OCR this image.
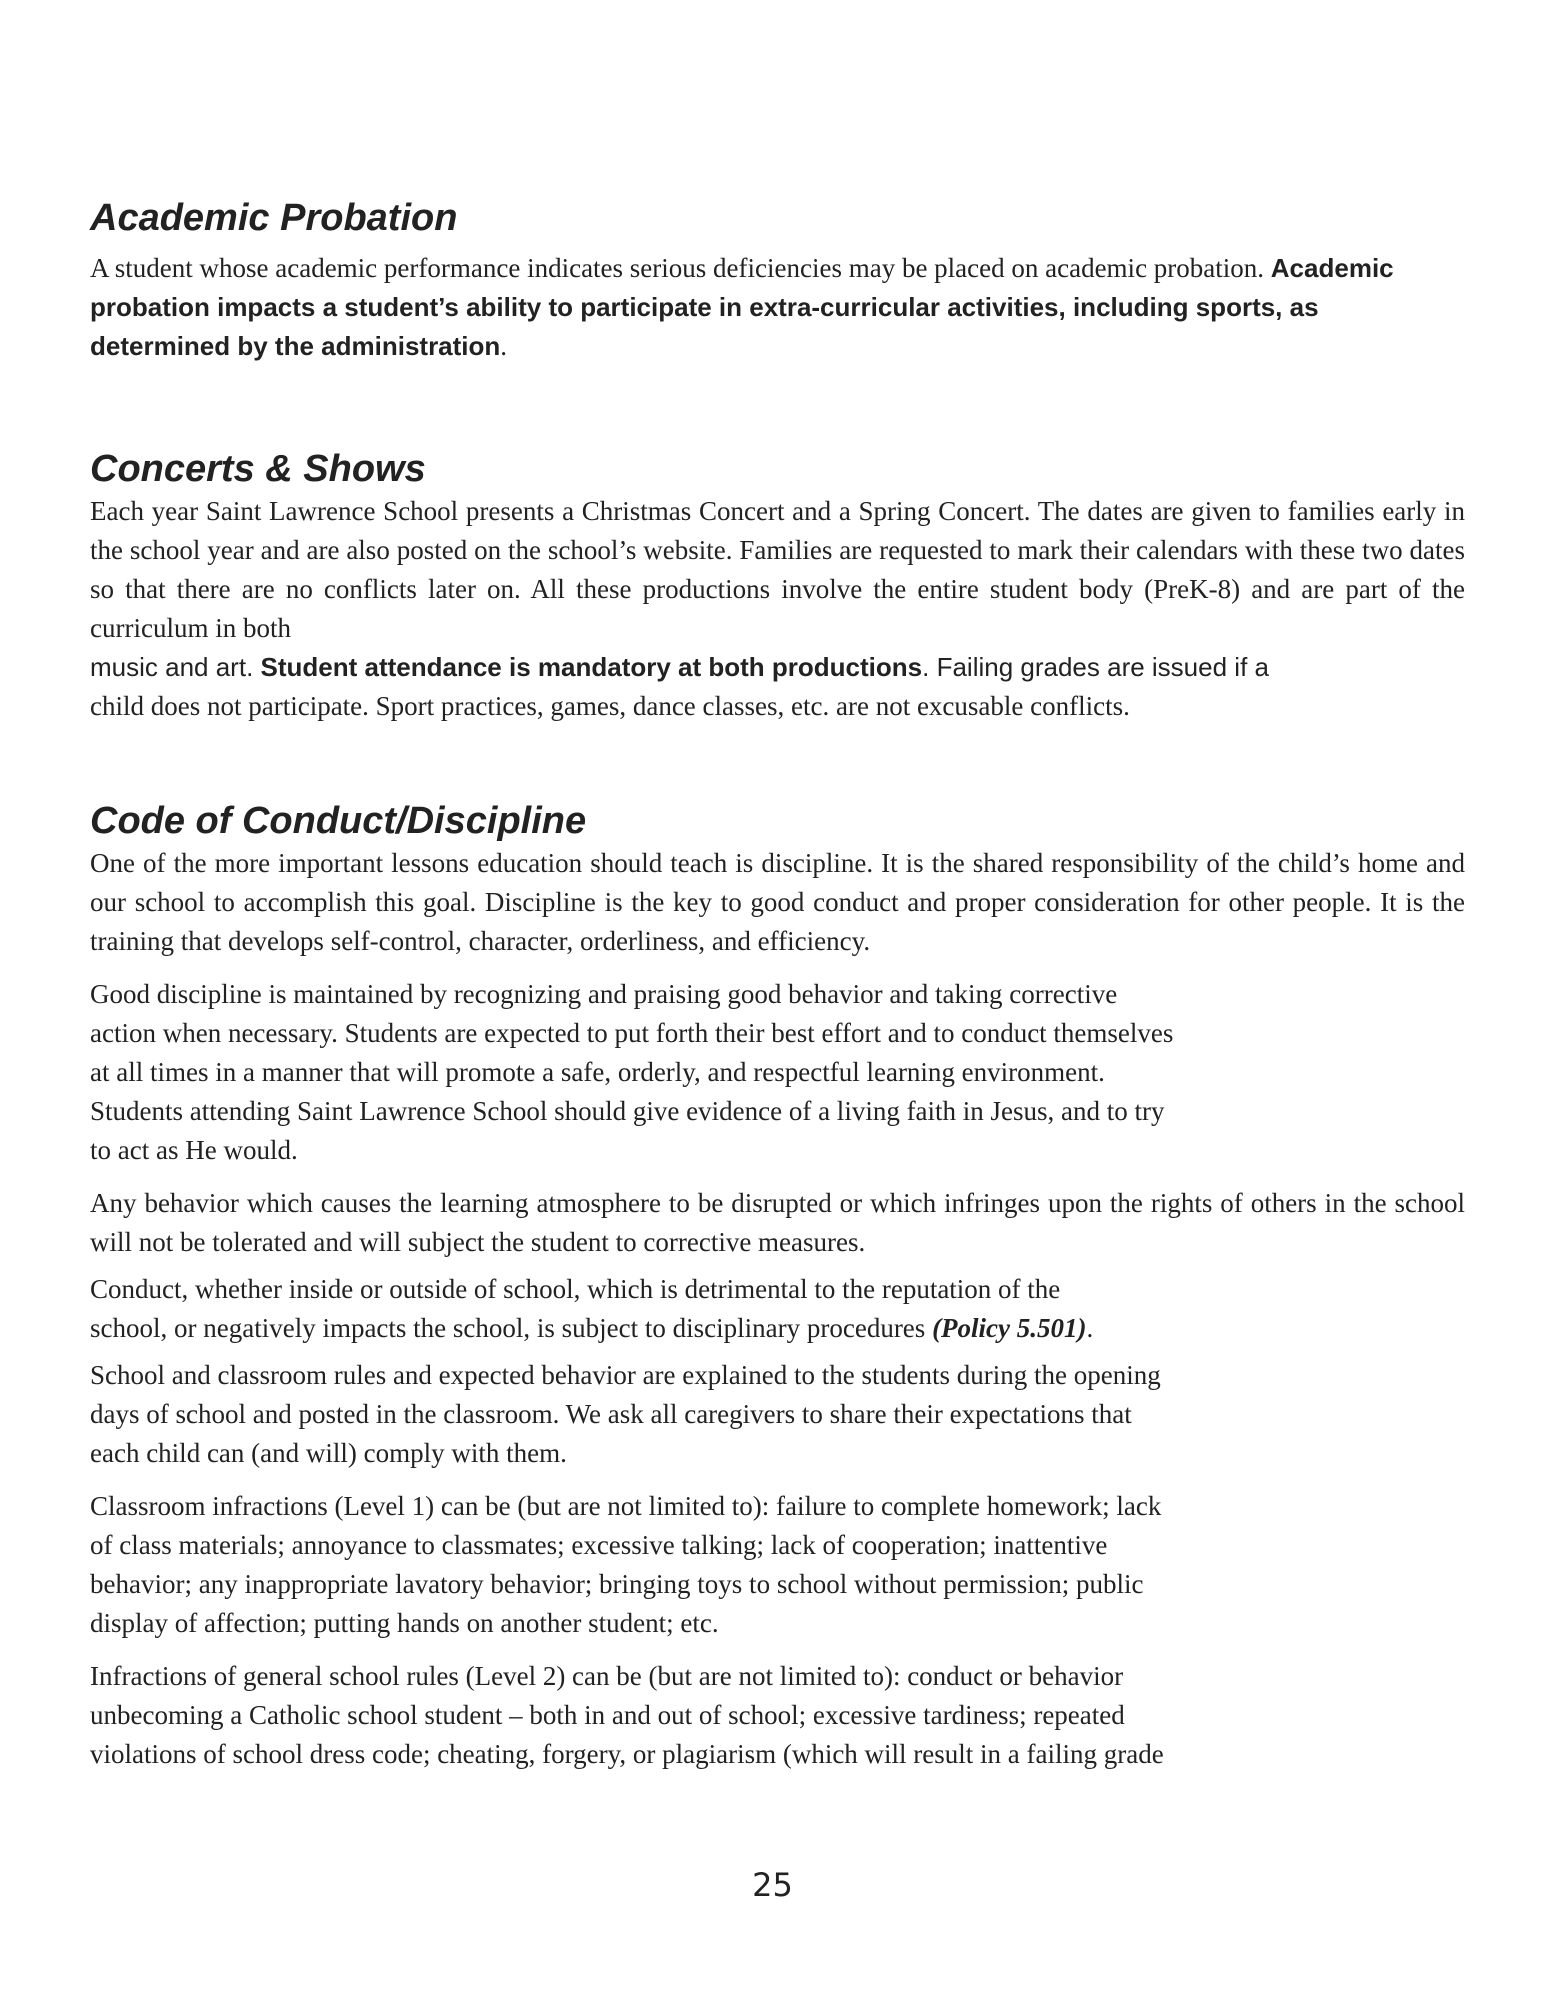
Academic Probation

A student whose academic performance indicates serious deficiencies may be placed on academic probation. Academic probation impacts a student’s ability to participate in extra-curricular activities, including sports, as determined by the administration.

Concerts & Shows

Each year Saint Lawrence School presents a Christmas Concert and a Spring Concert. The dates are given to families early in the school year and are also posted on the school’s website. Families are requested to mark their calendars with these two dates so that there are no conflicts later on. All these productions involve the entire student body (PreK-8) and are part of the curriculum in both

music and art. Student attendance is mandatory at both productions. Failing grades are issued if a
child does not participate. Sport practices, games, dance classes, etc. are not excusable conflicts.

Code of Conduct/Discipline

One of the more important lessons education should teach is discipline. It is the shared responsibility of the child’s home and our school to accomplish this goal. Discipline is the key to good conduct and proper consideration for other people. It is the training that develops self-control, character, orderliness, and efficiency.

Good discipline is maintained by recognizing and praising good behavior and taking corrective
action when necessary. Students are expected to put forth their best effort and to conduct themselves
at all times in a manner that will promote a safe, orderly, and respectful learning environment.
Students attending Saint Lawrence School should give evidence of a living faith in Jesus, and to try
to act as He would.

Any behavior which causes the learning atmosphere to be disrupted or which infringes upon the rights of others in the school will not be tolerated and will subject the student to corrective measures.

Conduct, whether inside or outside of school, which is detrimental to the reputation of the
school, or negatively impacts the school, is subject to disciplinary procedures (Policy 5.501).

School and classroom rules and expected behavior are explained to the students during the opening
days of school and posted in the classroom. We ask all caregivers to share their expectations that
each child can (and will) comply with them.

Classroom infractions (Level 1) can be (but are not limited to): failure to complete homework; lack
of class materials; annoyance to classmates; excessive talking; lack of cooperation; inattentive
behavior; any inappropriate lavatory behavior; bringing toys to school without permission; public
display of affection; putting hands on another student; etc.

Infractions of general school rules (Level 2) can be (but are not limited to): conduct or behavior
unbecoming a Catholic school student – both in and out of school; excessive tardiness; repeated
violations of school dress code; cheating, forgery, or plagiarism (which will result in a failing grade

25
